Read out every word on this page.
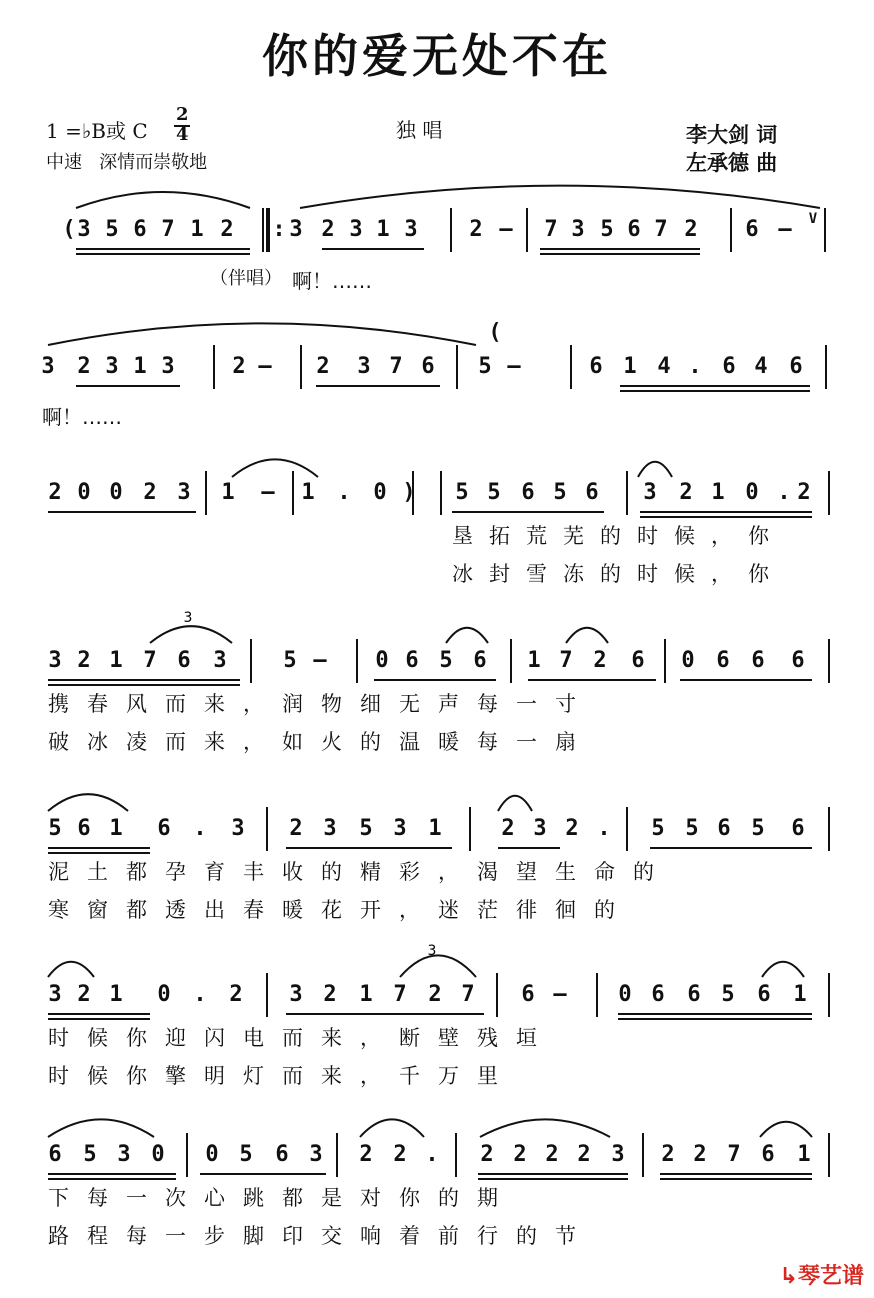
你的爱无处不在
1 =♭B或 C
2
4
中速   深情而崇敬地
独 唱	李大剑 词
左承德 曲
3 5 6 7 1 2	3 2 3 1 3 2 – 7 3 5 6 7 2 6 –
3 2 3 1 3	2 – 2 3 7 6 5 –	6 1 4 . 6 4 6
2 0 0 2 3 1 – 1 . 0	5 5 6 5 6 3 2 1 0 . 2
垦拓荒芜的时候，你
冰封雪冻的时候，你
3 2 1 7 6 3	5 – 0 6 5 6 1 7 2 6 0 6 6 6
携春风而来，润物细无声每一寸
破冰凌而来，如火的温暖每一扇
5 6 1 6 . 3 2 3 5 3 1	2 3 2 . 5 5 6 5 6
泥土都孕育丰收的精彩，渴望生命的
寒窗都透出春暖花开，迷茫徘徊的
3 2 1 0 . 2 3 2 1 7 2 7 6 – 0 6 6 5 6 1
时候你迎闪电而来，断壁残垣
时候你擎明灯而来，千万里
6 5 3 0 0 5 6 3 2 2 . 2 2 2 2 3 2 2 7 6 1
下每一次心跳都是对你的期
路程每一步脚印交响着前行的节
(	:
)
(
V
（伴唱） 啊！……
啊！……
↳琴艺谱
3
3
